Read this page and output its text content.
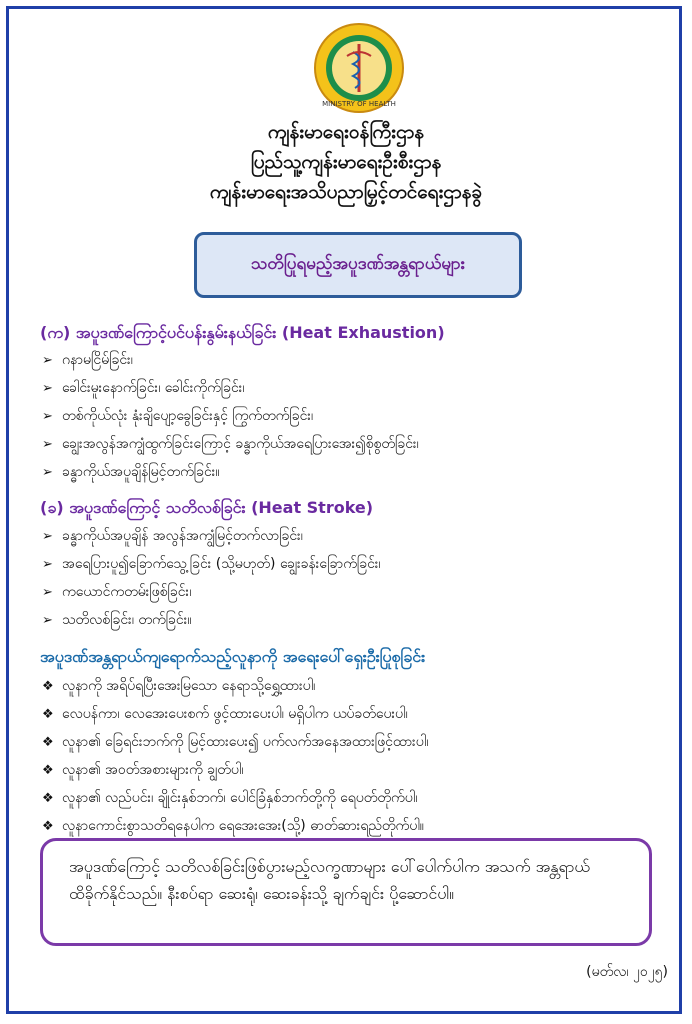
MINISTRY OF HEALTH
ကျန်းမာရေးဝန်ကြီးဌာန
ပြည်သူ့ကျန်းမာရေးဦးစီးဌာန
ကျန်းမာရေးအသိပညာမြှင့်တင်ရေးဌာနခွဲ
သတိပြုရမည့်အပူဒဏ်အန္တရာယ်များ
(က) အပူဒဏ်ကြောင့်ပင်ပန်းနွမ်းနယ်ခြင်း (Heat Exhaustion)
➢ ဂနာမငြိမ်ခြင်း၊
➢ ခေါင်းမူးနောက်ခြင်း၊ ခေါင်းကိုက်ခြင်း၊
➢ တစ်ကိုယ်လုံး နုံးချိပျော့ခွေခြင်းနှင့် ကြွက်တက်ခြင်း၊
➢ ချွေးအလွန်အကျွံထွက်ခြင်းကြောင့် ခန္ဓာကိုယ်အရေပြားအေး၍စိုစွတ်ခြင်း၊
➢ ခန္ဓာကိုယ်အပူချိန်မြင့်တက်ခြင်း။
(ခ) အပူဒဏ်ကြောင့် သတိလစ်ခြင်း (Heat Stroke)
➢ ခန္ဓာကိုယ်အပူချိန် အလွန်အကျွံမြင့်တက်လာခြင်း၊
➢ အရေပြားပူ၍ခြောက်သွေ့ခြင်း (သို့မဟုတ်) ချွေးခန်းခြောက်ခြင်း၊
➢ ကယောင်ကတမ်းဖြစ်ခြင်း၊
➢ သတိလစ်ခြင်း၊ တက်ခြင်း။
အပူဒဏ်အန္တရာယ်ကျရောက်သည့်လူနာကို အရေးပေါ်ရှေးဦးပြုစုခြင်း
❖ လူနာကို အရိပ်ရပြီးအေးမြသော နေရာသို့ရွှေ့ထားပါ၊
❖ လေပန်ကာ၊ လေအေးပေးစက် ဖွင့်ထားပေးပါ၊ မရှိပါက ယပ်ခတ်ပေးပါ၊
❖ လူနာ၏ ခြေရင်းဘက်ကို မြင့်ထားပေး၍ ပက်လက်အနေအထားဖြင့်ထားပါ၊
❖ လူနာ၏ အဝတ်အစားများကို ချွတ်ပါ၊
❖ လူနာ၏ လည်ပင်း၊ ချိုင်းနှစ်ဘက်၊ ပေါင်ခြံနှစ်ဘက်တို့ကို ရေပတ်တိုက်ပါ၊
❖ လူနာကောင်းစွာသတိရနေပါက ရေအေးအေး(သို့) ဓာတ်ဆားရည်တိုက်ပါ။
အပူဒဏ်ကြောင့် သတိလစ်ခြင်းဖြစ်ပွားမည့်လက္ခဏာများ ပေါ်ပေါက်ပါက အသက် အန္တရာယ်ထိခိုက်နိုင်သည်။ နီးစပ်ရာ ဆေးရုံ၊ ဆေးခန်းသို့ ချက်ချင်း ပို့ဆောင်ပါ။
(မတ်လ၊ ၂၀၂၅)
